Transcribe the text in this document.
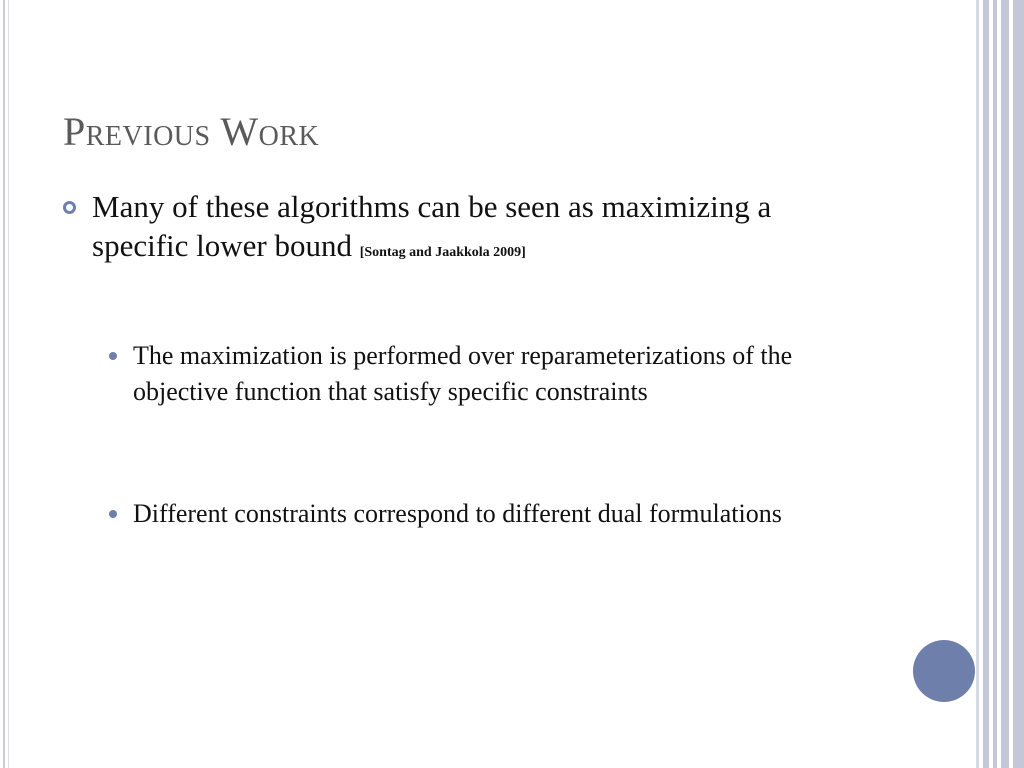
Previous Work
Many of these algorithms can be seen as maximizing a specific lower bound [Sontag and Jaakkola 2009]
The maximization is performed over reparameterizations of the objective function that satisfy specific constraints
Different constraints correspond to different dual formulations
